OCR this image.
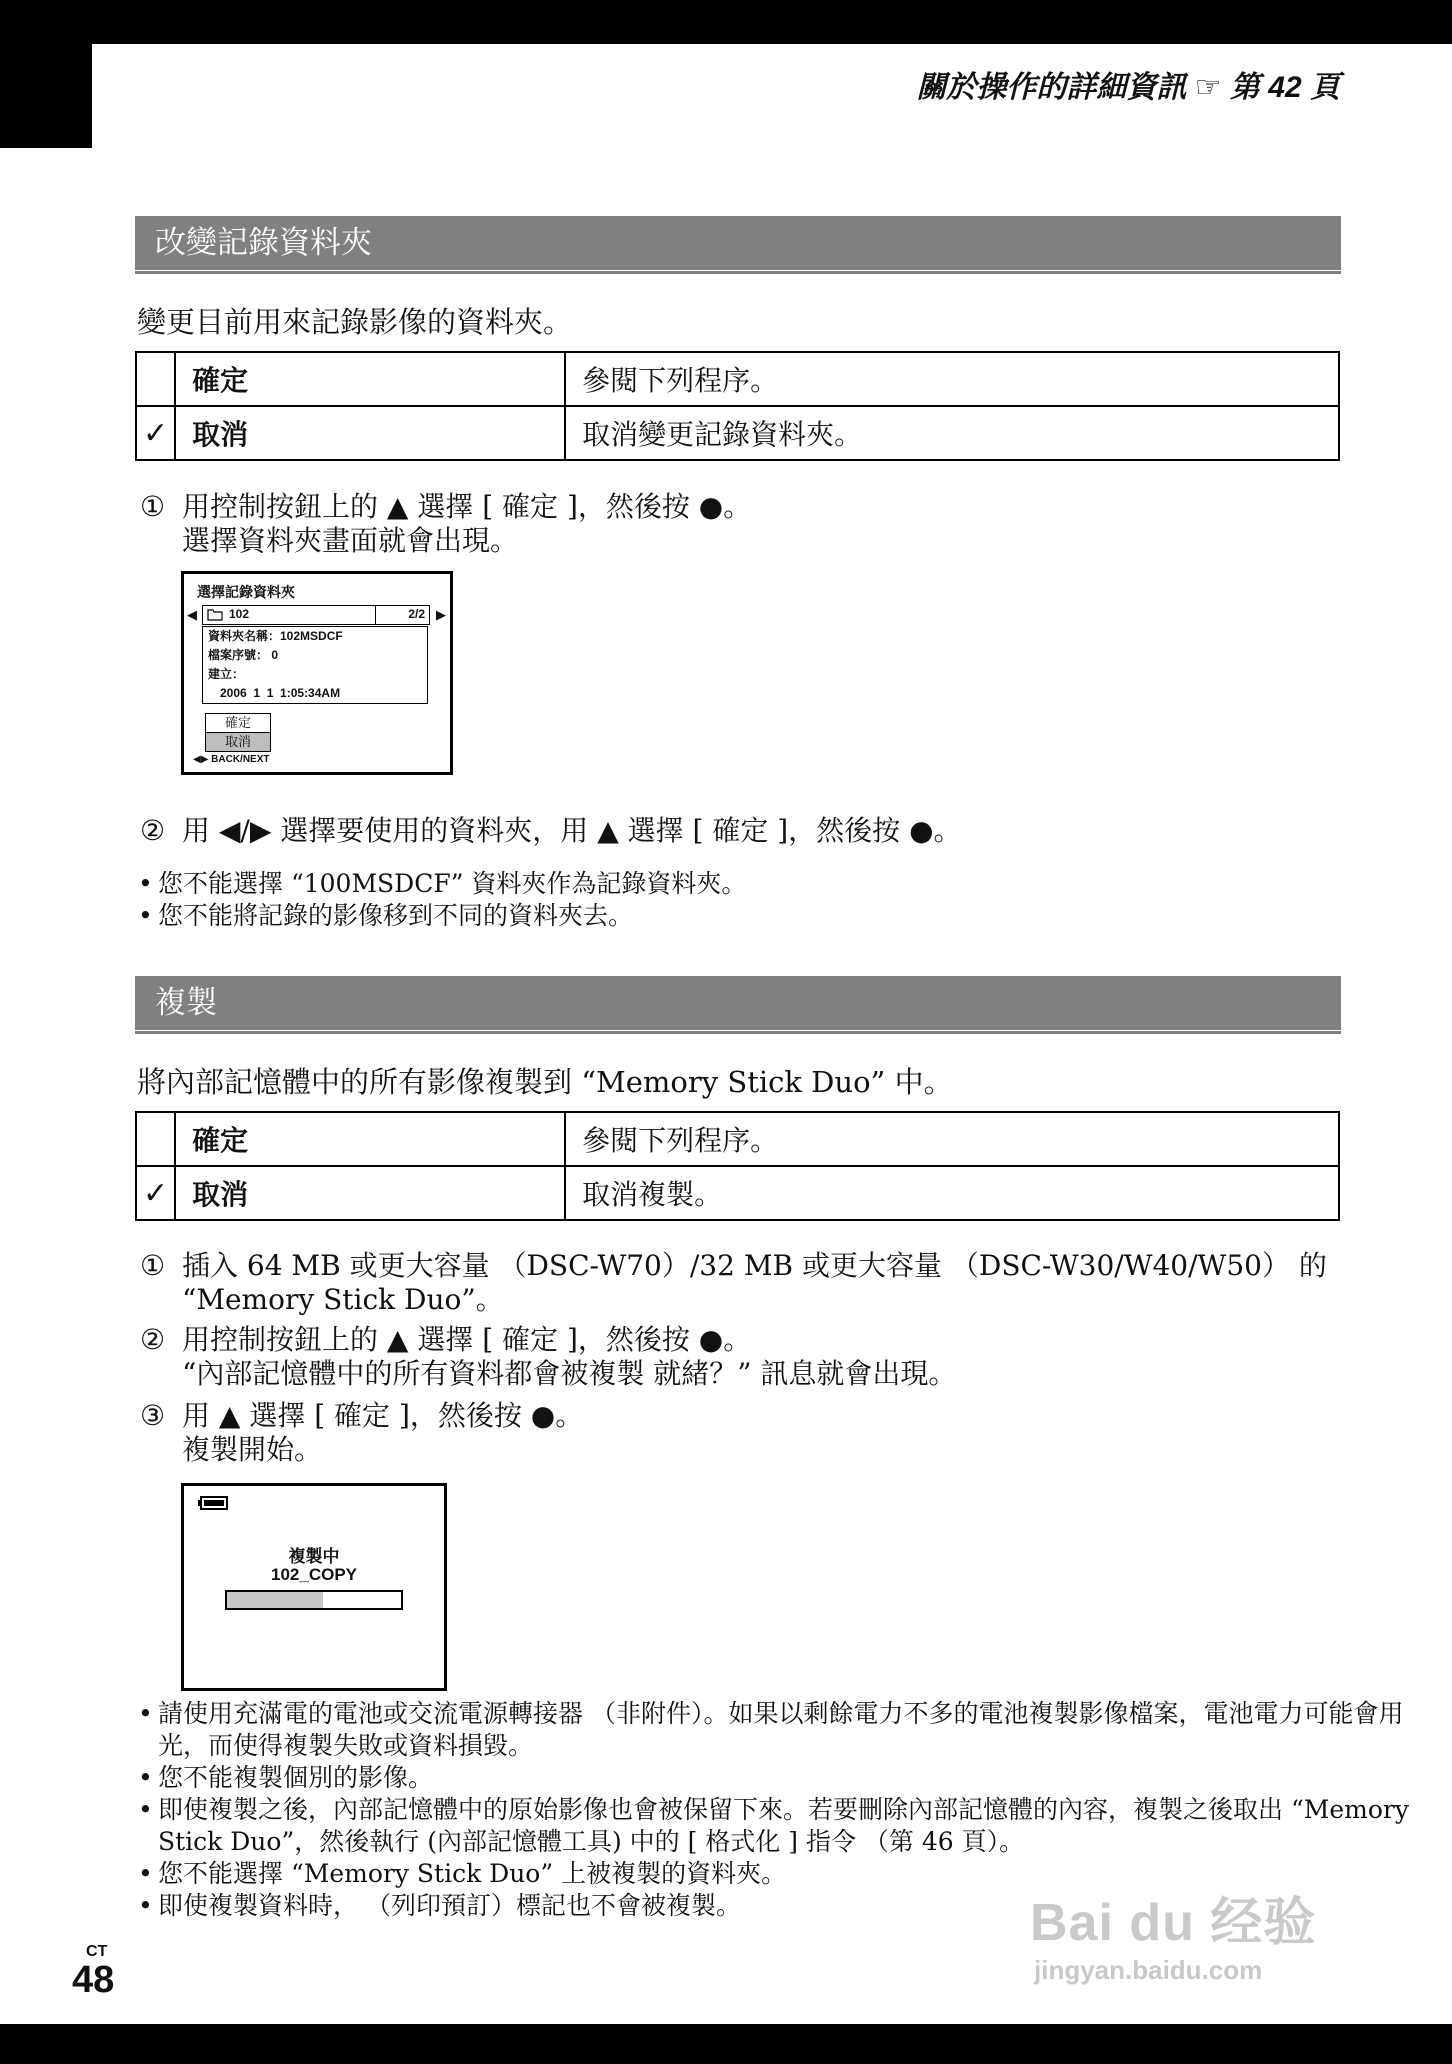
關於操作的詳細資訊 ☞ 第 42 頁
改變記錄資料夾
變更目前用來記錄影像的資料夾。
	確定	參閱下列程序。
✓	取消	取消變更記錄資料夾。
① 用控制按鈕上的 ▲ 選擇 [ 確定 ]，然後按 ●。
選擇資料夾畫面就會出現。
選擇記錄資料夾
◀	▶
102	2/2
資料夾名稱：102MSDCF
檔案序號： 0
建立：
2006  1  1  1:05:34AM
確定
取消
◀▶ BACK/NEXT
② 用 ◀/▶ 選擇要使用的資料夾，用 ▲ 選擇 [ 確定 ]，然後按 ●。
• 您不能選擇 “100MSDCF” 資料夾作為記錄資料夾。
• 您不能將記錄的影像移到不同的資料夾去。
複製
將內部記憶體中的所有影像複製到 “Memory Stick Duo” 中。
	確定	參閱下列程序。
✓	取消	取消複製。
① 插入 64 MB 或更大容量 （DSC-W70）/32 MB 或更大容量 （DSC-W30/W40/W50） 的
“Memory Stick Duo”。
② 用控制按鈕上的 ▲ 選擇 [ 確定 ]，然後按 ●。
“內部記憶體中的所有資料都會被複製 就緒？” 訊息就會出現。
③ 用 ▲ 選擇 [ 確定 ]，然後按 ●。
複製開始。
複製中
102_COPY
• 請使用充滿電的電池或交流電源轉接器 （非附件）。如果以剩餘電力不多的電池複製影像檔案，電池電力可能會用光，而使得複製失敗或資料損毀。
• 您不能複製個別的影像。
• 即使複製之後，內部記憶體中的原始影像也會被保留下來。若要刪除內部記憶體的內容，複製之後取出 “Memory Stick Duo”，然後執行 (內部記憶體工具) 中的 [ 格式化 ] 指令 （第 46 頁）。
• 您不能選擇 “Memory Stick Duo” 上被複製的資料夾。
• 即使複製資料時， （列印預訂）標記也不會被複製。
CT
48
Bai du 经验
jingyan.baidu.com
